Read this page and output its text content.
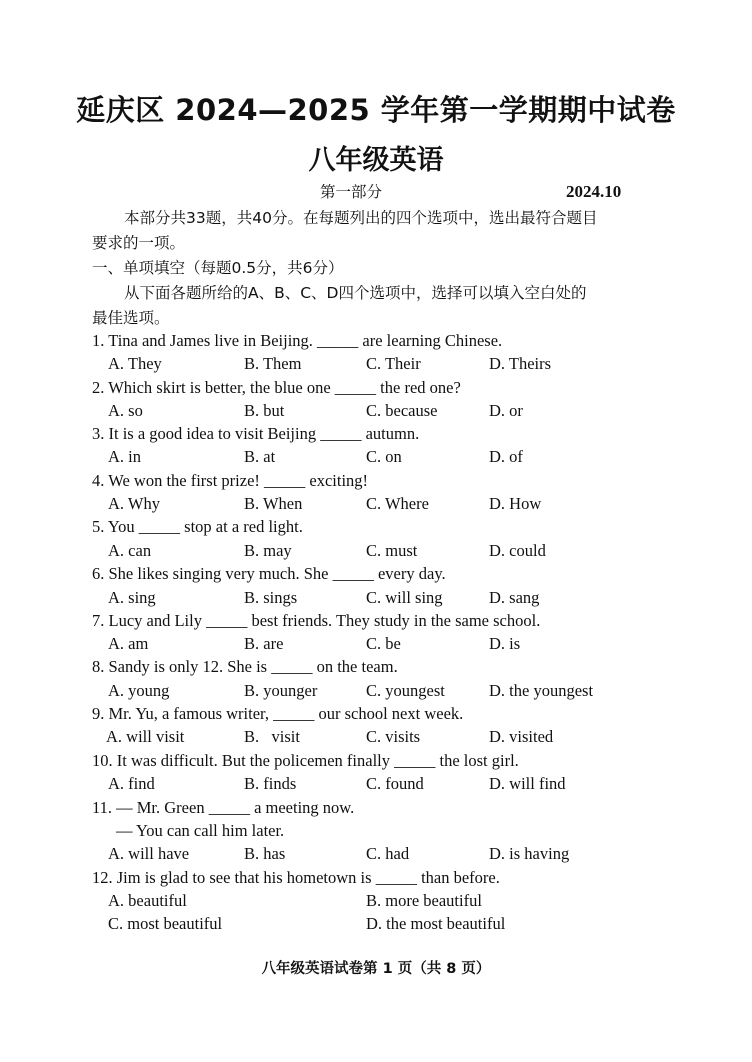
延庆区 2024—2025 学年第一学期期中试卷
八年级英语
第一部分	2024.10
本部分共33题，共40分。在每题列出的四个选项中，选出最符合题目
要求的一项。
一、单项填空（每题0.5分，共6分）
从下面各题所给的A、B、C、D四个选项中，选择可以填入空白处的
最佳选项。
1. Tina and James live in Beijing. _____ are learning Chinese.
A. They	B. Them	C. Their	D. Theirs
2. Which skirt is better, the blue one _____ the red one?
A. so	B. but	C. because	D. or
3. It is a good idea to visit Beijing _____ autumn.
A. in	B. at	C. on	D. of
4. We won the first prize! _____ exciting!
A. Why	B. When	C. Where	D. How
5. You _____ stop at a red light.
A. can	B. may	C. must	D. could
6. She likes singing very much. She _____ every day.
A. sing	B. sings	C. will sing	D. sang
7. Lucy and Lily _____ best friends. They study in the same school.
A. am	B. are	C. be	D. is
8. Sandy is only 12. She is _____ on the team.
A. young	B. younger	C. youngest	D. the youngest
9. Mr. Yu, a famous writer, _____ our school next week.
A. will visit	B.   visit	C. visits	D. visited
10. It was difficult. But the policemen finally _____ the lost girl.
A. find	B. finds	C. found	D. will find
11. — Mr. Green _____ a meeting now.
— You can call him later.
A. will have	B. has	C. had	D. is having
12. Jim is glad to see that his hometown is _____ than before.
A. beautiful	B. more beautiful
C. most beautiful	D. the most beautiful
八年级英语试卷第 1 页（共 8 页）
